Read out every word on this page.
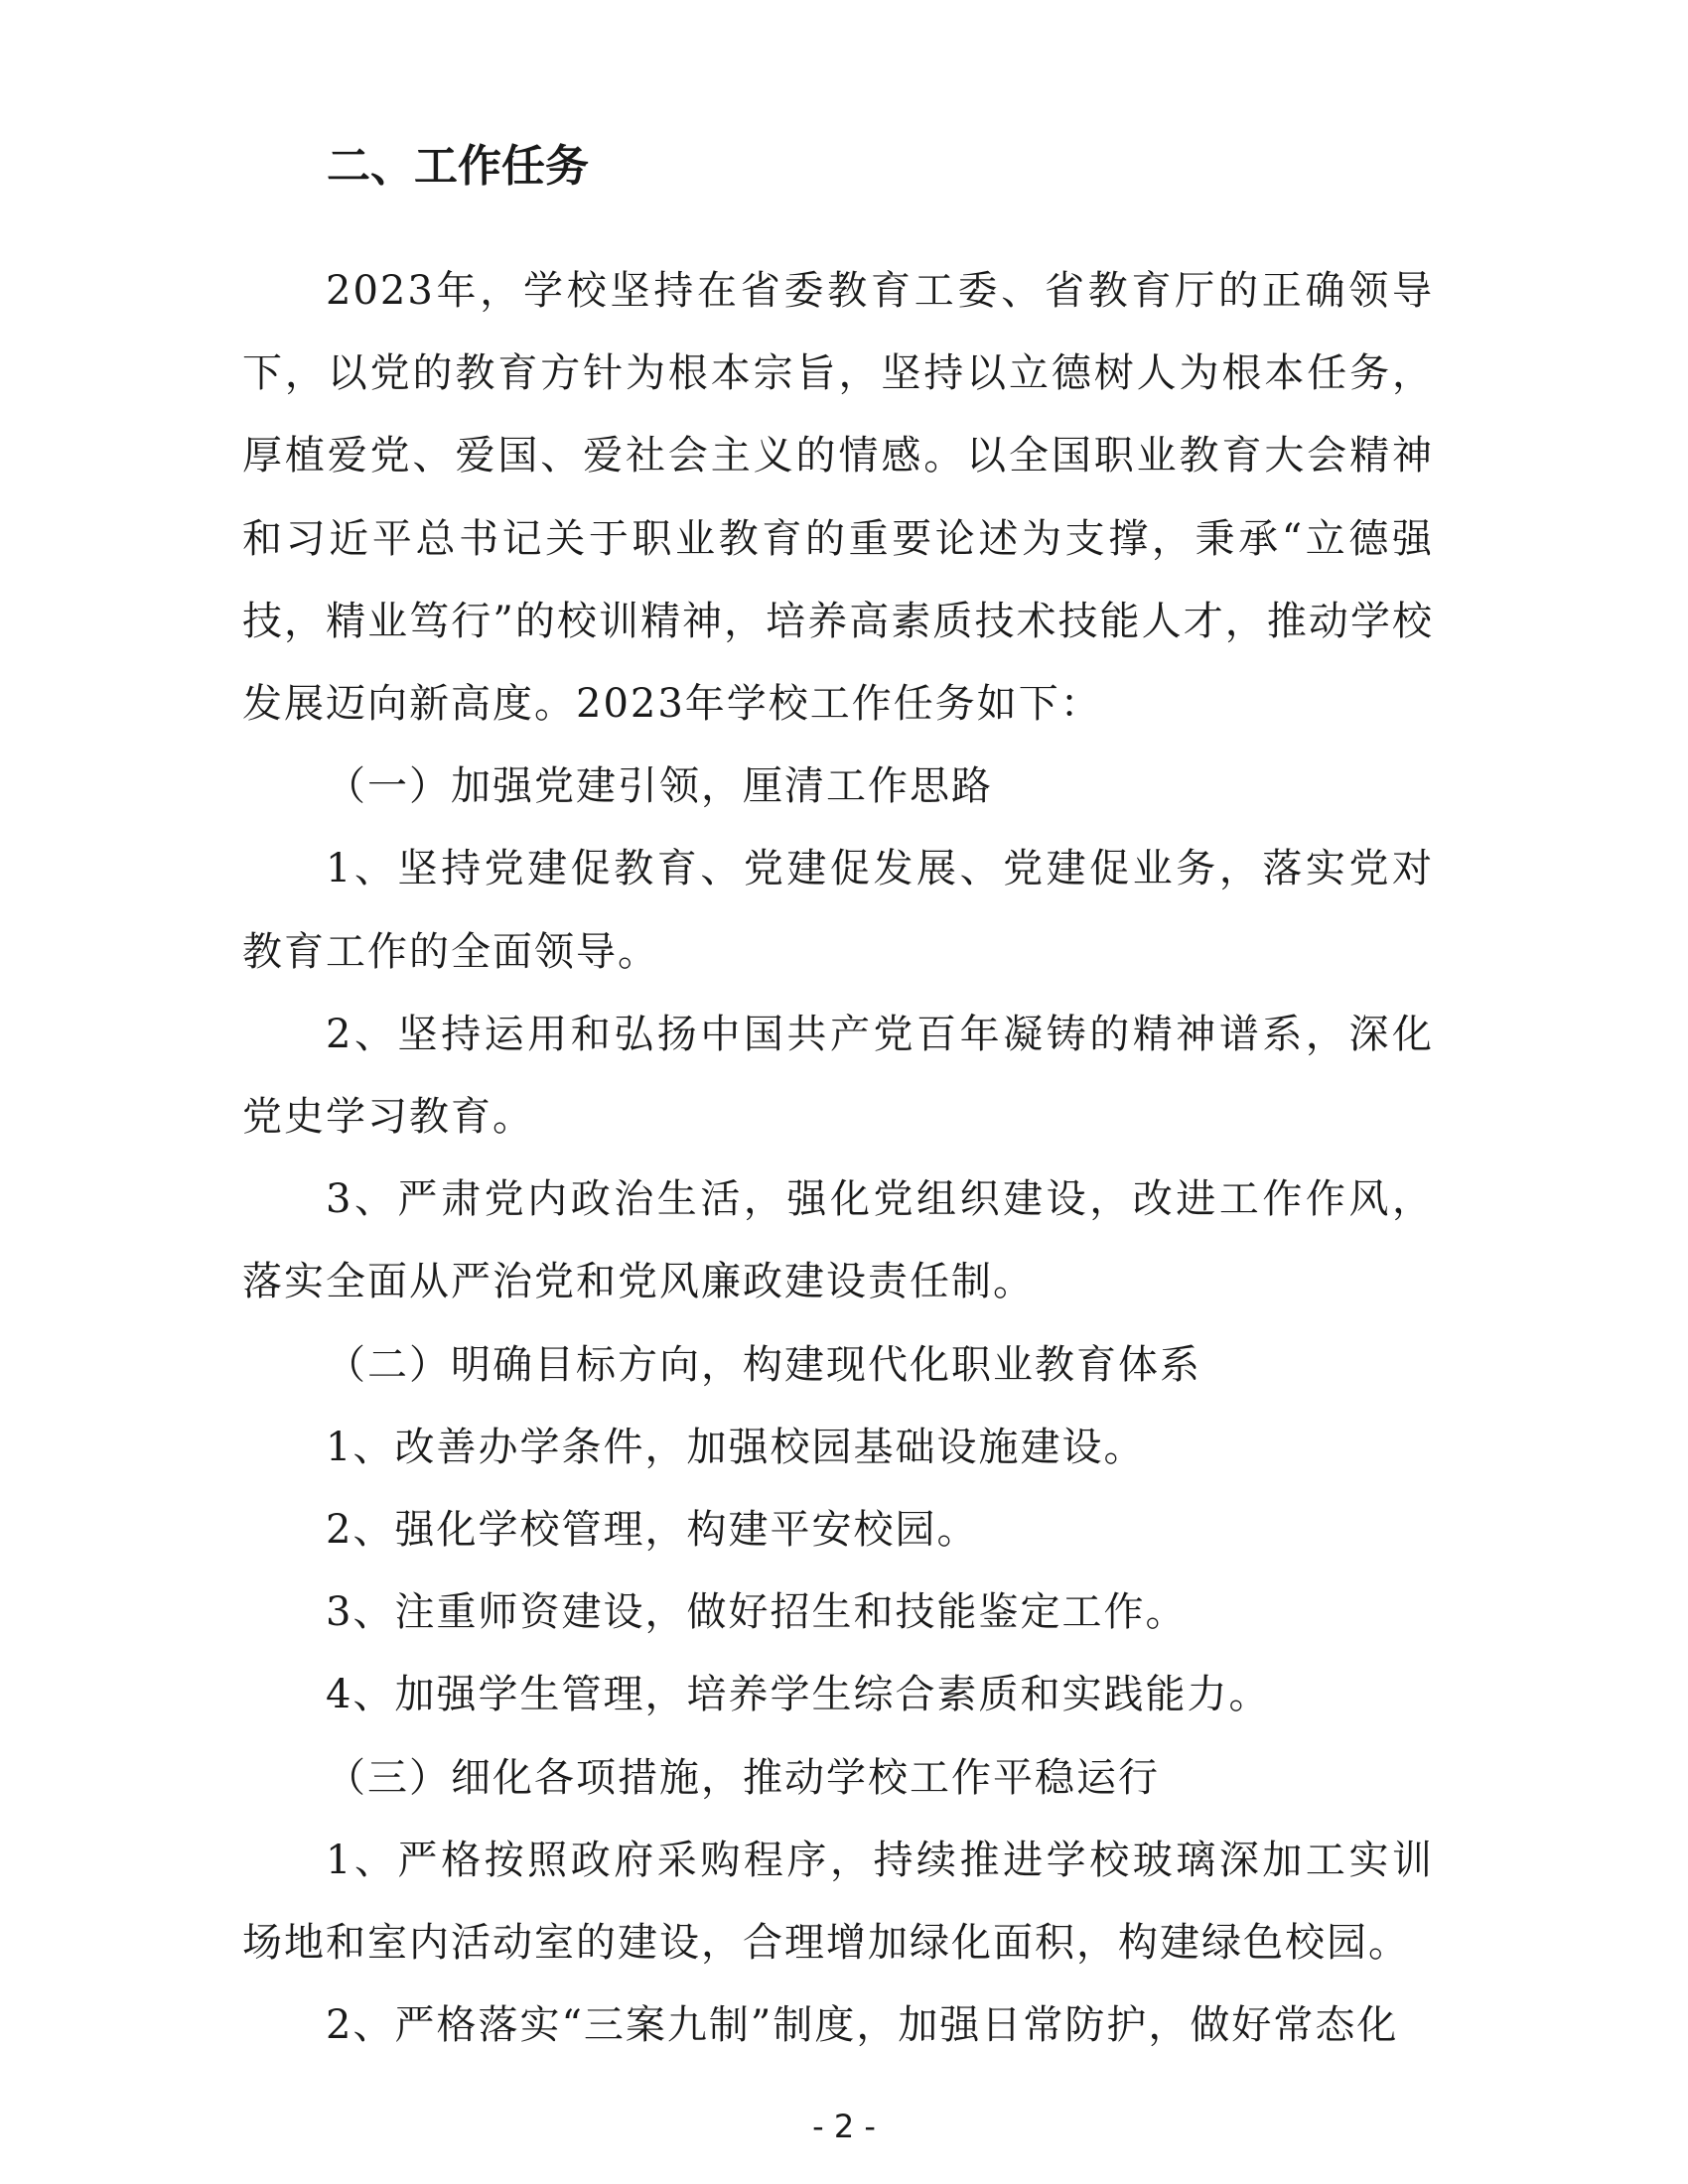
二、工作任务

2023年，学校坚持在省委教育工委、省教育厅的正确领导下，以党的教育方针为根本宗旨，坚持以立德树人为根本任务，厚植爱党、爱国、爱社会主义的情感。以全国职业教育大会精神和习近平总书记关于职业教育的重要论述为支撑，秉承“立德强技，精业笃行”的校训精神，培养高素质技术技能人才，推动学校发展迈向新高度。2023年学校工作任务如下：

（一）加强党建引领，厘清工作思路

1、坚持党建促教育、党建促发展、党建促业务，落实党对教育工作的全面领导。

2、坚持运用和弘扬中国共产党百年凝铸的精神谱系，深化党史学习教育。

3、严肃党内政治生活，强化党组织建设，改进工作作风，落实全面从严治党和党风廉政建设责任制。

（二）明确目标方向，构建现代化职业教育体系

1、改善办学条件，加强校园基础设施建设。

2、强化学校管理，构建平安校园。

3、注重师资建设，做好招生和技能鉴定工作。

4、加强学生管理，培养学生综合素质和实践能力。

（三）细化各项措施，推动学校工作平稳运行

1、严格按照政府采购程序，持续推进学校玻璃深加工实训场地和室内活动室的建设，合理增加绿化面积，构建绿色校园。

2、严格落实“三案九制”制度，加强日常防护，做好常态化

- 2 -
